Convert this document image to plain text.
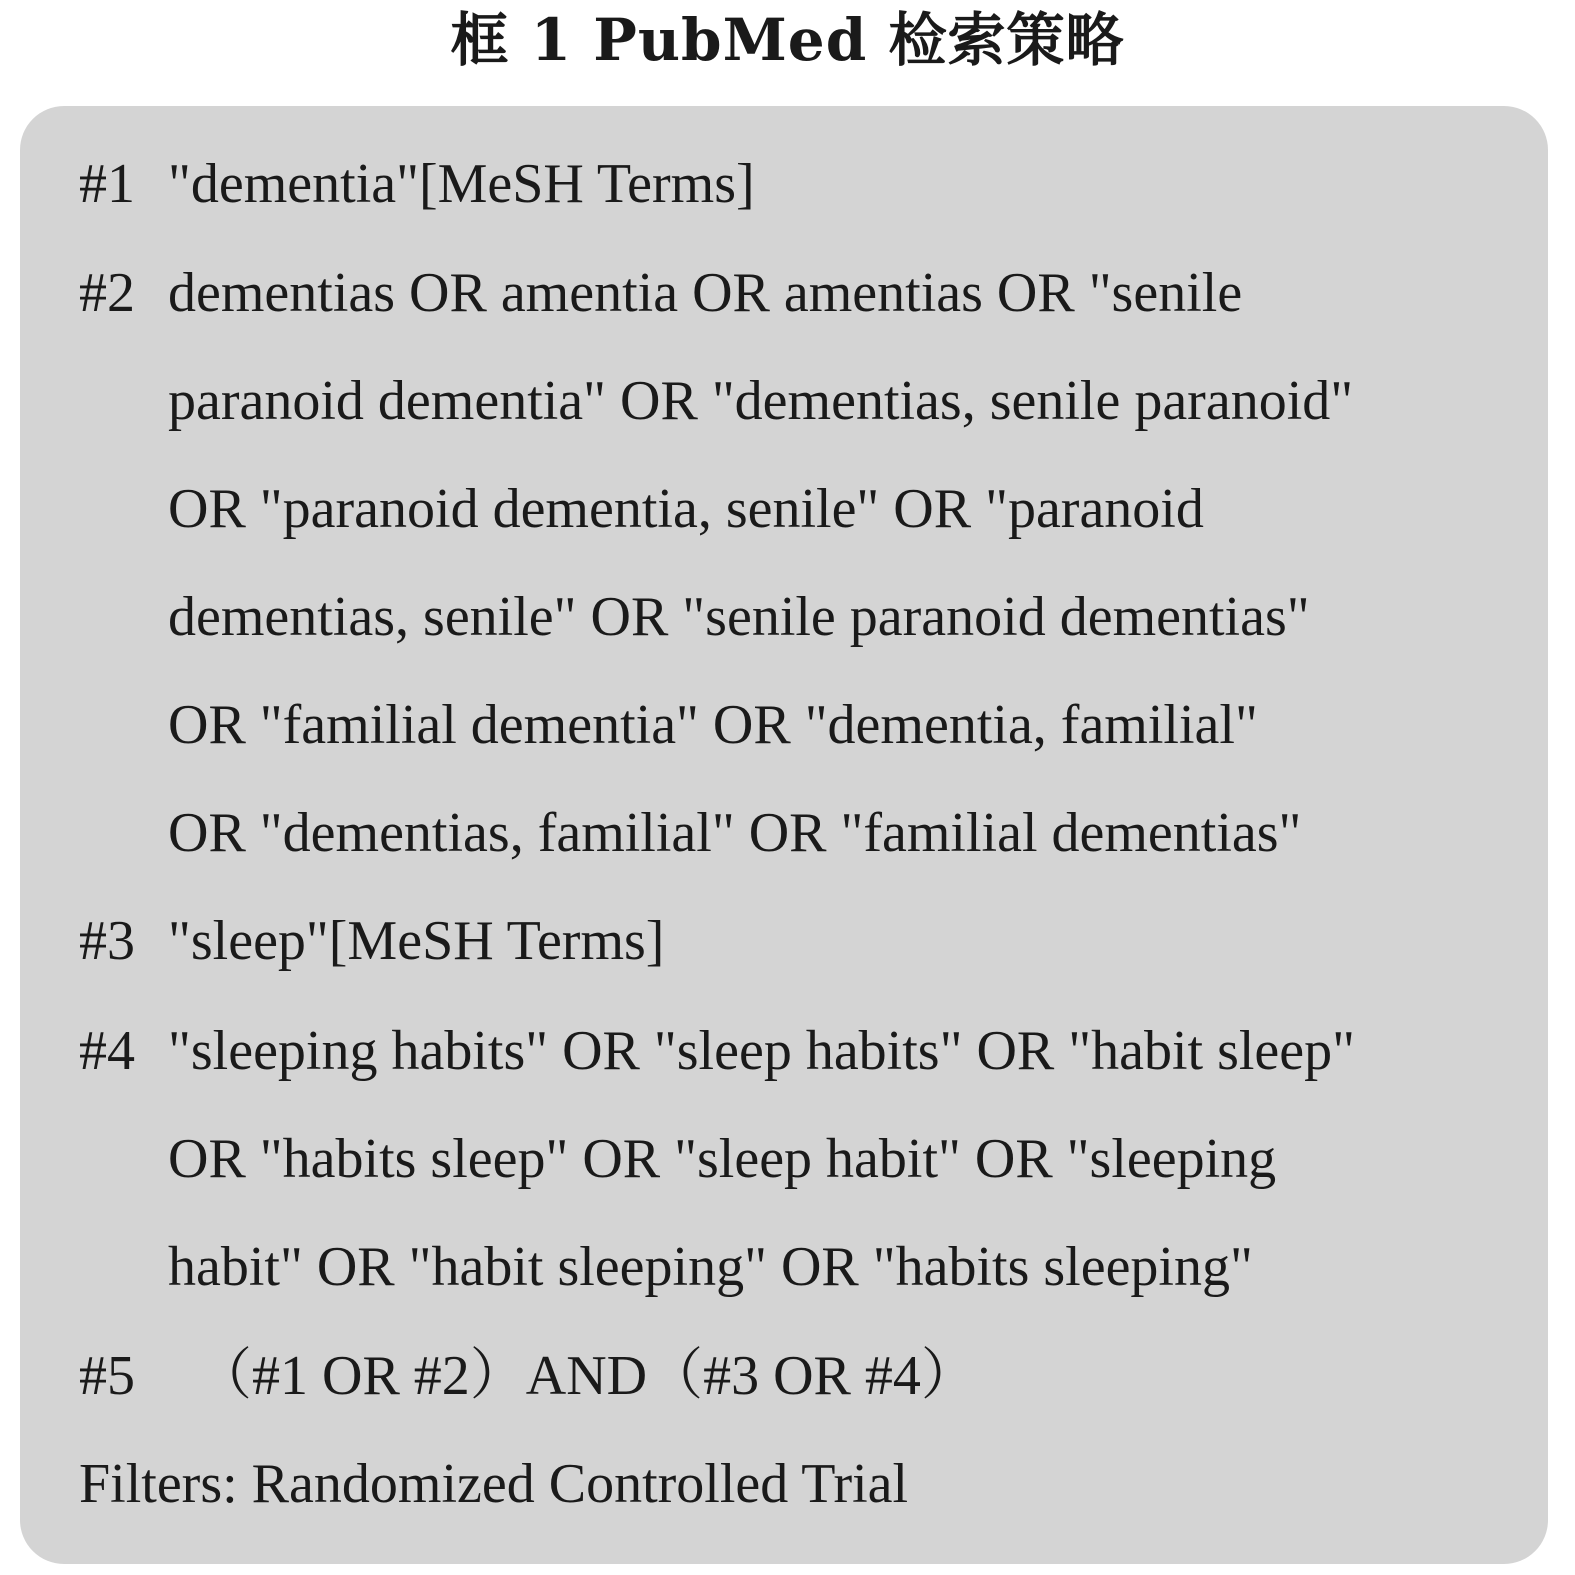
框 1 PubMed 检索策略
#1 "dementia"[MeSH Terms]
#2 dementias OR amentia OR amentias OR "senile
paranoid dementia" OR "dementias, senile paranoid"
OR "paranoid dementia, senile" OR "paranoid
dementias, senile" OR "senile paranoid dementias"
OR "familial dementia" OR "dementia, familial"
OR "dementias, familial" OR "familial dementias"
#3 "sleep"[MeSH Terms]
#4 "sleeping habits" OR "sleep habits" OR "habit sleep"
OR "habits sleep" OR "sleep habit" OR "sleeping
habit" OR "habit sleeping" OR "habits sleeping"
#5 （#1 OR #2）AND（#3 OR #4）
Filters: Randomized Controlled Trial
